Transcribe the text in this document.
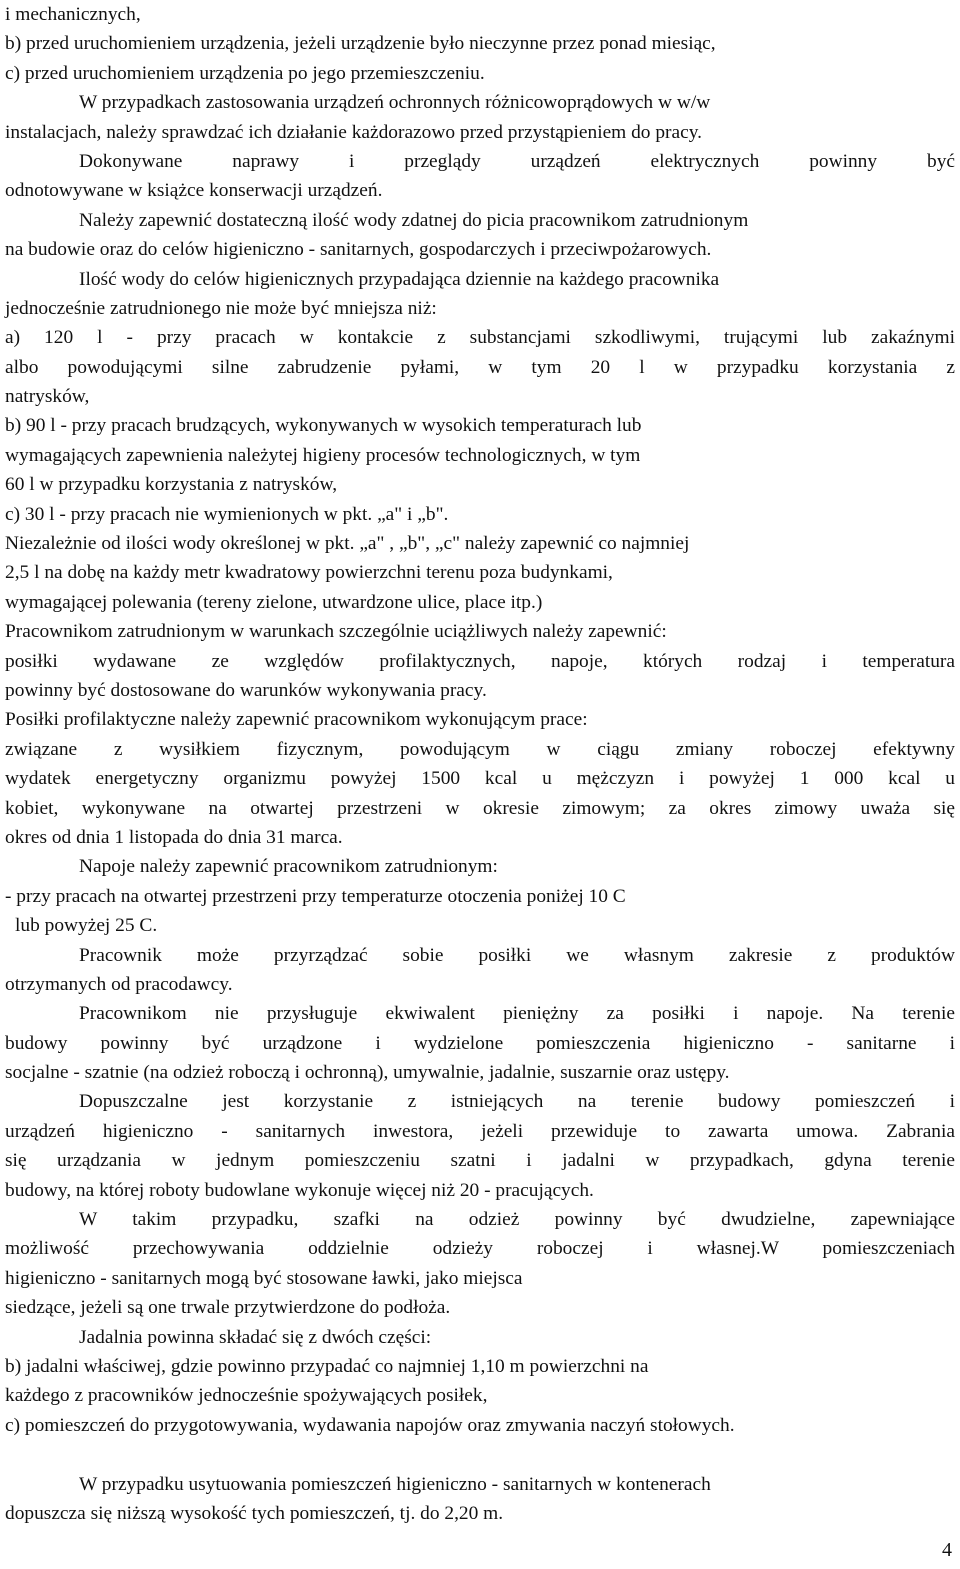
i mechanicznych,
b) przed uruchomieniem urządzenia, jeżeli urządzenie było nieczynne przez ponad miesiąc,
c) przed uruchomieniem urządzenia po jego przemieszczeniu.
W przypadkach zastosowania urządzeń ochronnych różnicowoprądowych w w/w
instalacjach, należy sprawdzać ich działanie każdorazowo przed przystąpieniem do pracy.
Dokonywane naprawy i przeglądy urządzeń elektrycznych powinny być
odnotowywane w książce konserwacji urządzeń.
Należy zapewnić dostateczną ilość wody zdatnej do picia pracownikom zatrudnionym
na budowie oraz do celów higieniczno - sanitarnych, gospodarczych i przeciwpożarowych.
Ilość wody do celów higienicznych przypadająca dziennie na każdego pracownika
jednocześnie zatrudnionego nie może być mniejsza niż:
a) 120 l - przy pracach w kontakcie z substancjami szkodliwymi, trującymi lub zakaźnymi
albo powodującymi silne zabrudzenie pyłami, w tym 20 l w przypadku korzystania z
natrysków,
b) 90 l - przy pracach brudzących, wykonywanych w wysokich temperaturach lub
wymagających zapewnienia należytej higieny procesów technologicznych, w tym
60 l w przypadku korzystania z natrysków,
c) 30 l - przy pracach nie wymienionych w pkt. „a" i „b".
Niezależnie od ilości wody określonej w pkt. „a" , „b", „c" należy zapewnić co najmniej
2,5 l na dobę na każdy metr kwadratowy powierzchni terenu poza budynkami,
wymagającej polewania (tereny zielone, utwardzone ulice, place itp.)
Pracownikom zatrudnionym w warunkach szczególnie uciążliwych należy zapewnić:
posiłki wydawane ze względów profilaktycznych, napoje, których rodzaj i temperatura
powinny być dostosowane do warunków wykonywania pracy.
Posiłki profilaktyczne należy zapewnić pracownikom wykonującym prace:
związane z wysiłkiem fizycznym, powodującym w ciągu zmiany roboczej efektywny
wydatek energetyczny organizmu powyżej 1500 kcal u mężczyzn i powyżej 1 000 kcal u
kobiet, wykonywane na otwartej przestrzeni w okresie zimowym; za okres zimowy uważa się
okres od dnia 1 listopada do dnia 31 marca.
Napoje należy zapewnić pracownikom zatrudnionym:
- przy pracach na otwartej przestrzeni przy temperaturze otoczenia poniżej 10 C
lub powyżej 25 C.
Pracownik może przyrządzać sobie posiłki we własnym zakresie z produktów
otrzymanych od pracodawcy.
Pracownikom nie przysługuje ekwiwalent pieniężny za posiłki i napoje. Na terenie
budowy powinny być urządzone i wydzielone pomieszczenia higieniczno - sanitarne i
socjalne - szatnie (na odzież roboczą i ochronną), umywalnie, jadalnie, suszarnie oraz ustępy.
Dopuszczalne jest korzystanie z istniejących na terenie budowy pomieszczeń i
urządzeń higieniczno - sanitarnych inwestora, jeżeli przewiduje to zawarta umowa. Zabrania
się urządzania w jednym pomieszczeniu szatni i jadalni w przypadkach, gdyna terenie
budowy, na której roboty budowlane wykonuje więcej niż 20 - pracujących.
W takim przypadku, szafki na odzież powinny być dwudzielne, zapewniające
możliwość przechowywania oddzielnie odzieży roboczej i własnej.W pomieszczeniach
higieniczno - sanitarnych mogą być stosowane ławki, jako miejsca
siedzące, jeżeli są one trwale przytwierdzone do podłoża.
Jadalnia powinna składać się z dwóch części:
b) jadalni właściwej, gdzie powinno przypadać co najmniej 1,10 m powierzchni na
każdego z pracowników jednocześnie spożywających posiłek,
c) pomieszczeń do przygotowywania, wydawania napojów oraz zmywania naczyń stołowych.
W przypadku usytuowania pomieszczeń higieniczno - sanitarnych w kontenerach
dopuszcza się niższą wysokość tych pomieszczeń, tj. do 2,20 m.
4
